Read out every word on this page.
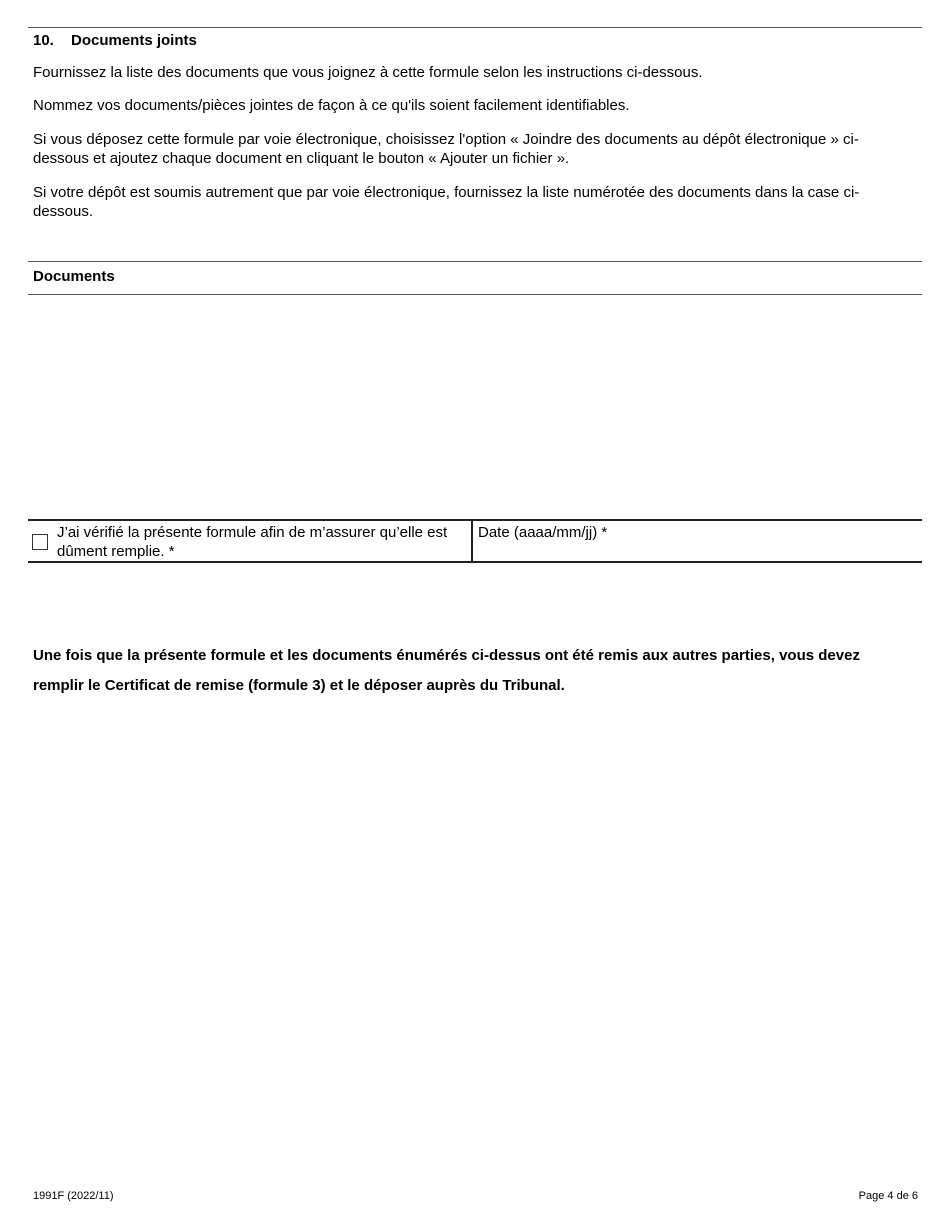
10. Documents joints
Fournissez la liste des documents que vous joignez à cette formule selon les instructions ci-dessous.
Nommez vos documents/pièces jointes de façon à ce qu'ils soient facilement identifiables.
Si vous déposez cette formule par voie électronique, choisissez l'option « Joindre des documents au dépôt électronique » ci-dessous et ajoutez chaque document en cliquant le bouton « Ajouter un fichier ».
Si votre dépôt est soumis autrement que par voie électronique, fournissez la liste numérotée des documents dans la case ci-dessous.
Documents
J’ai vérifié la présente formule afin de m’assurer qu’elle est dûment remplie. *
Date (aaaa/mm/jj) *
Une fois que la présente formule et les documents énumérés ci-dessus ont été remis aux autres parties, vous devez remplir le Certificat de remise (formule 3) et le déposer auprès du Tribunal.
1991F (2022/11)	Page 4 de 6
